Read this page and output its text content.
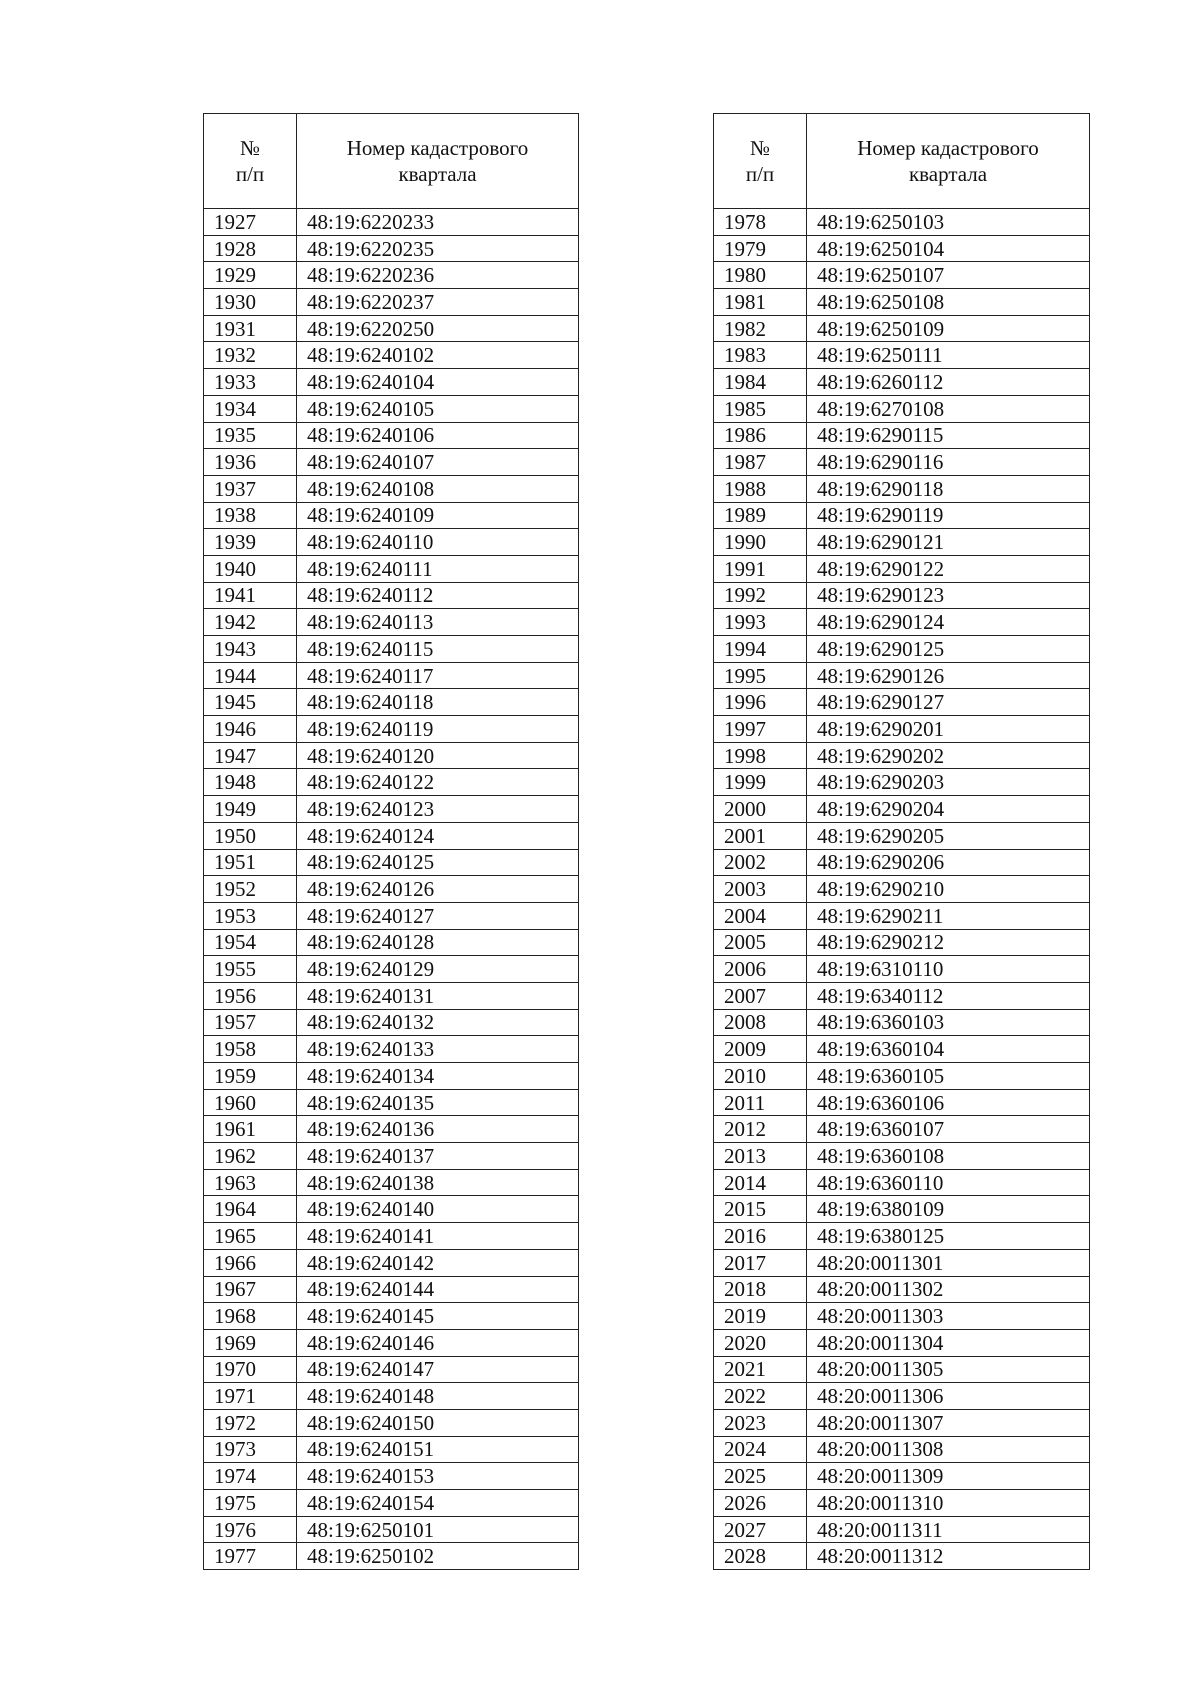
№
п/п	Номер кадастрового
квартала

1927	48:19:6220233
1928	48:19:6220235
1929	48:19:6220236
1930	48:19:6220237
1931	48:19:6220250
1932	48:19:6240102
1933	48:19:6240104
1934	48:19:6240105
1935	48:19:6240106
1936	48:19:6240107
1937	48:19:6240108
1938	48:19:6240109
1939	48:19:6240110
1940	48:19:6240111
1941	48:19:6240112
1942	48:19:6240113
1943	48:19:6240115
1944	48:19:6240117
1945	48:19:6240118
1946	48:19:6240119
1947	48:19:6240120
1948	48:19:6240122
1949	48:19:6240123
1950	48:19:6240124
1951	48:19:6240125
1952	48:19:6240126
1953	48:19:6240127
1954	48:19:6240128
1955	48:19:6240129
1956	48:19:6240131
1957	48:19:6240132
1958	48:19:6240133
1959	48:19:6240134
1960	48:19:6240135
1961	48:19:6240136
1962	48:19:6240137
1963	48:19:6240138
1964	48:19:6240140
1965	48:19:6240141
1966	48:19:6240142
1967	48:19:6240144
1968	48:19:6240145
1969	48:19:6240146
1970	48:19:6240147
1971	48:19:6240148
1972	48:19:6240150
1973	48:19:6240151
1974	48:19:6240153
1975	48:19:6240154
1976	48:19:6250101
1977	48:19:6250102
№
п/п	Номер кадастрового
квартала

1978	48:19:6250103
1979	48:19:6250104
1980	48:19:6250107
1981	48:19:6250108
1982	48:19:6250109
1983	48:19:6250111
1984	48:19:6260112
1985	48:19:6270108
1986	48:19:6290115
1987	48:19:6290116
1988	48:19:6290118
1989	48:19:6290119
1990	48:19:6290121
1991	48:19:6290122
1992	48:19:6290123
1993	48:19:6290124
1994	48:19:6290125
1995	48:19:6290126
1996	48:19:6290127
1997	48:19:6290201
1998	48:19:6290202
1999	48:19:6290203
2000	48:19:6290204
2001	48:19:6290205
2002	48:19:6290206
2003	48:19:6290210
2004	48:19:6290211
2005	48:19:6290212
2006	48:19:6310110
2007	48:19:6340112
2008	48:19:6360103
2009	48:19:6360104
2010	48:19:6360105
2011	48:19:6360106
2012	48:19:6360107
2013	48:19:6360108
2014	48:19:6360110
2015	48:19:6380109
2016	48:19:6380125
2017	48:20:0011301
2018	48:20:0011302
2019	48:20:0011303
2020	48:20:0011304
2021	48:20:0011305
2022	48:20:0011306
2023	48:20:0011307
2024	48:20:0011308
2025	48:20:0011309
2026	48:20:0011310
2027	48:20:0011311
2028	48:20:0011312
